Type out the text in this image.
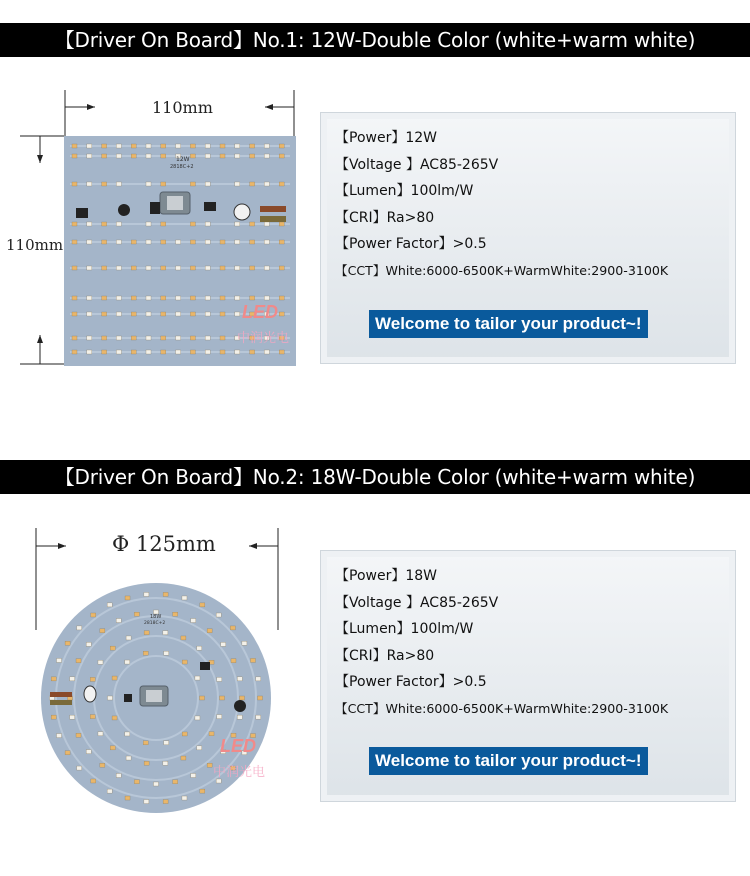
【Driver On Board】No.1: 12W-Double Color (white+warm white)
110mm
110mm
12W
2818C+2
LED
中润光电
【Power】12W
【Voltage 】AC85-265V
【Lumen】100lm/W
【CRI】Ra>80
【Power Factor】>0.5
【CCT】White:6000-6500K+WarmWhite:2900-3100K
Welcome to tailor your product~!
【Driver On Board】No.2: 18W-Double Color (white+warm white)
Φ 125mm
18W
2818C+2
LED
中润光电
【Power】18W
【Voltage 】AC85-265V
【Lumen】100lm/W
【CRI】Ra>80
【Power Factor】>0.5
【CCT】White:6000-6500K+WarmWhite:2900-3100K
Welcome to tailor your product~!
